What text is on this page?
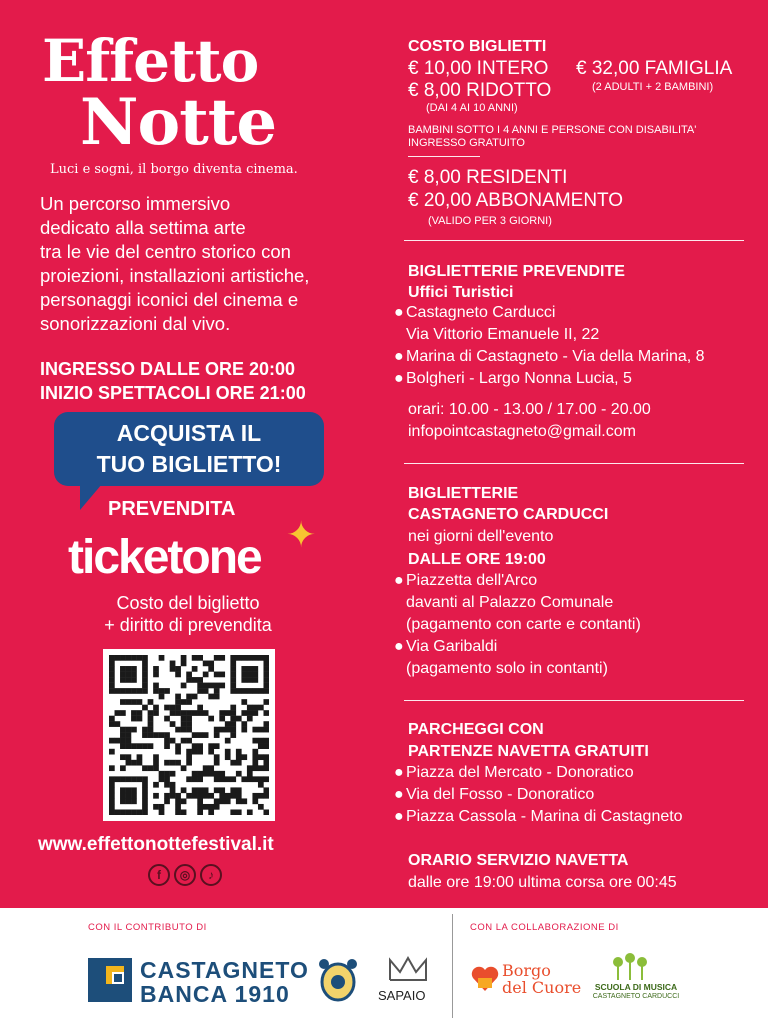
Effetto
Notte
Luci e sogni, il borgo diventa cinema.
Un percorso immersivo
dedicato alla settima arte
tra le vie del centro storico con
proiezioni, installazioni artistiche,
personaggi iconici del cinema e
sonorizzazioni dal vivo.
INGRESSO DALLE ORE 20:00
INIZIO SPETTACOLI ORE 21:00
ACQUISTA IL
TUO BIGLIETTO!
PREVENDITA
ticketone ✦
Costo del biglietto
+ diritto di prevendita
www.effettonottefestival.it
f	◎	♪
COSTO BIGLIETTI
€ 10,00 INTERO € 32,00 FAMIGLIA
(2 ADULTI + 2 BAMBINI)
€ 8,00 RIDOTTO
(DAI 4 AI 10 ANNI)
BAMBINI SOTTO I 4 ANNI E PERSONE CON DISABILITA'
INGRESSO GRATUITO
€ 8,00 RESIDENTI
€ 20,00 ABBONAMENTO
(VALIDO PER 3 GIORNI)
BIGLIETTERIE PREVENDITE
Uffici Turistici
● Castagneto Carducci
Via Vittorio Emanuele II, 22
● Marina di Castagneto - Via della Marina, 8
● Bolgheri - Largo Nonna Lucia, 5
orari: 10.00 - 13.00 / 17.00 - 20.00
infopointcastagneto@gmail.com
BIGLIETTERIE
CASTAGNETO CARDUCCI
nei giorni dell'evento
DALLE ORE 19:00
● Piazzetta dell'Arco
davanti al Palazzo Comunale
(pagamento con carte e contanti)
● Via Garibaldi
(pagamento solo in contanti)
PARCHEGGI CON
PARTENZE NAVETTA GRATUITI
● Piazza del Mercato - Donoratico
● Via del Fosso - Donoratico
● Piazza Cassola - Marina di Castagneto
ORARIO SERVIZIO NAVETTA
dalle ore 19:00 ultima corsa ore 00:45
CON IL CONTRIBUTO DI	CON LA COLLABORAZIONE DI
CASTAGNETO
BANCA 1910	SAPAIO
Borgo
del Cuore	SCUOLA DI MUSICA
CASTAGNETO CARDUCCI
